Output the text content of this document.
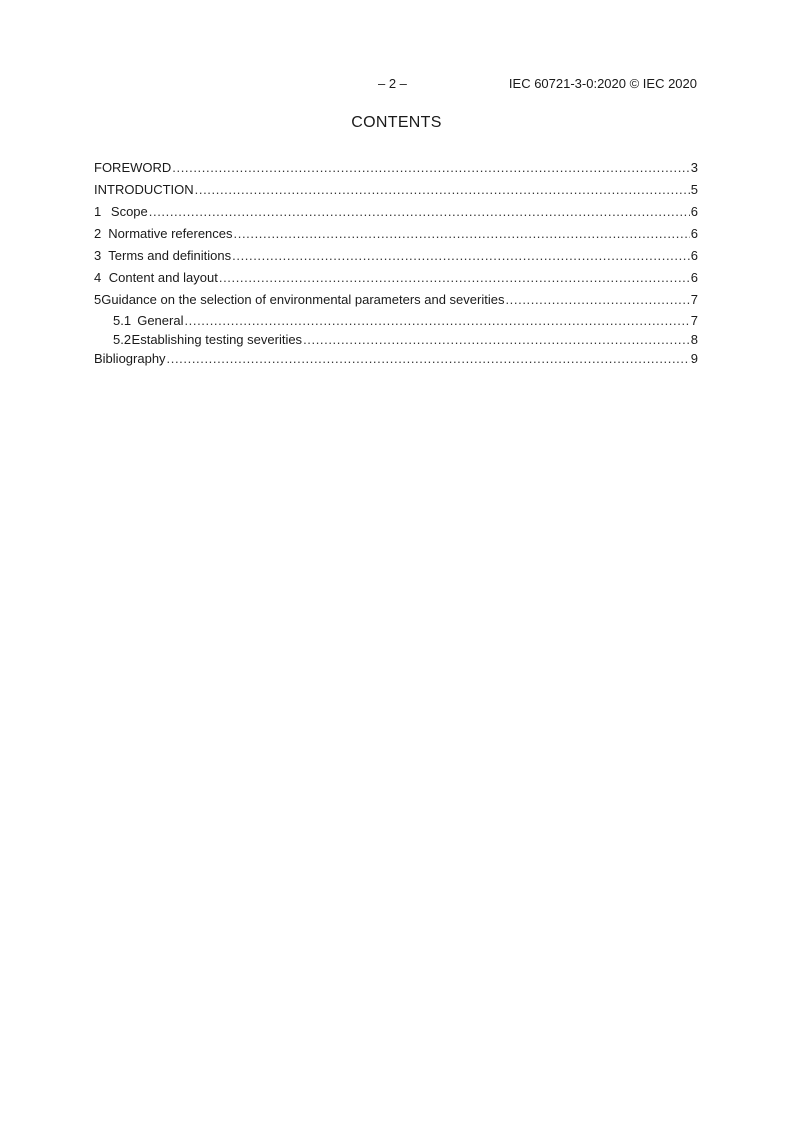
– 2 –	IEC 60721-3-0:2020 © IEC 2020
CONTENTS
FOREWORD .....	3
INTRODUCTION .....	5
1 Scope .....	6
2 Normative references .....	6
3 Terms and definitions .....	6
4 Content and layout .....	6
5 Guidance on the selection of environmental parameters and severities .....	7
5.1 General .....	7
5.2 Establishing testing severities .....	8
Bibliography .....	9
